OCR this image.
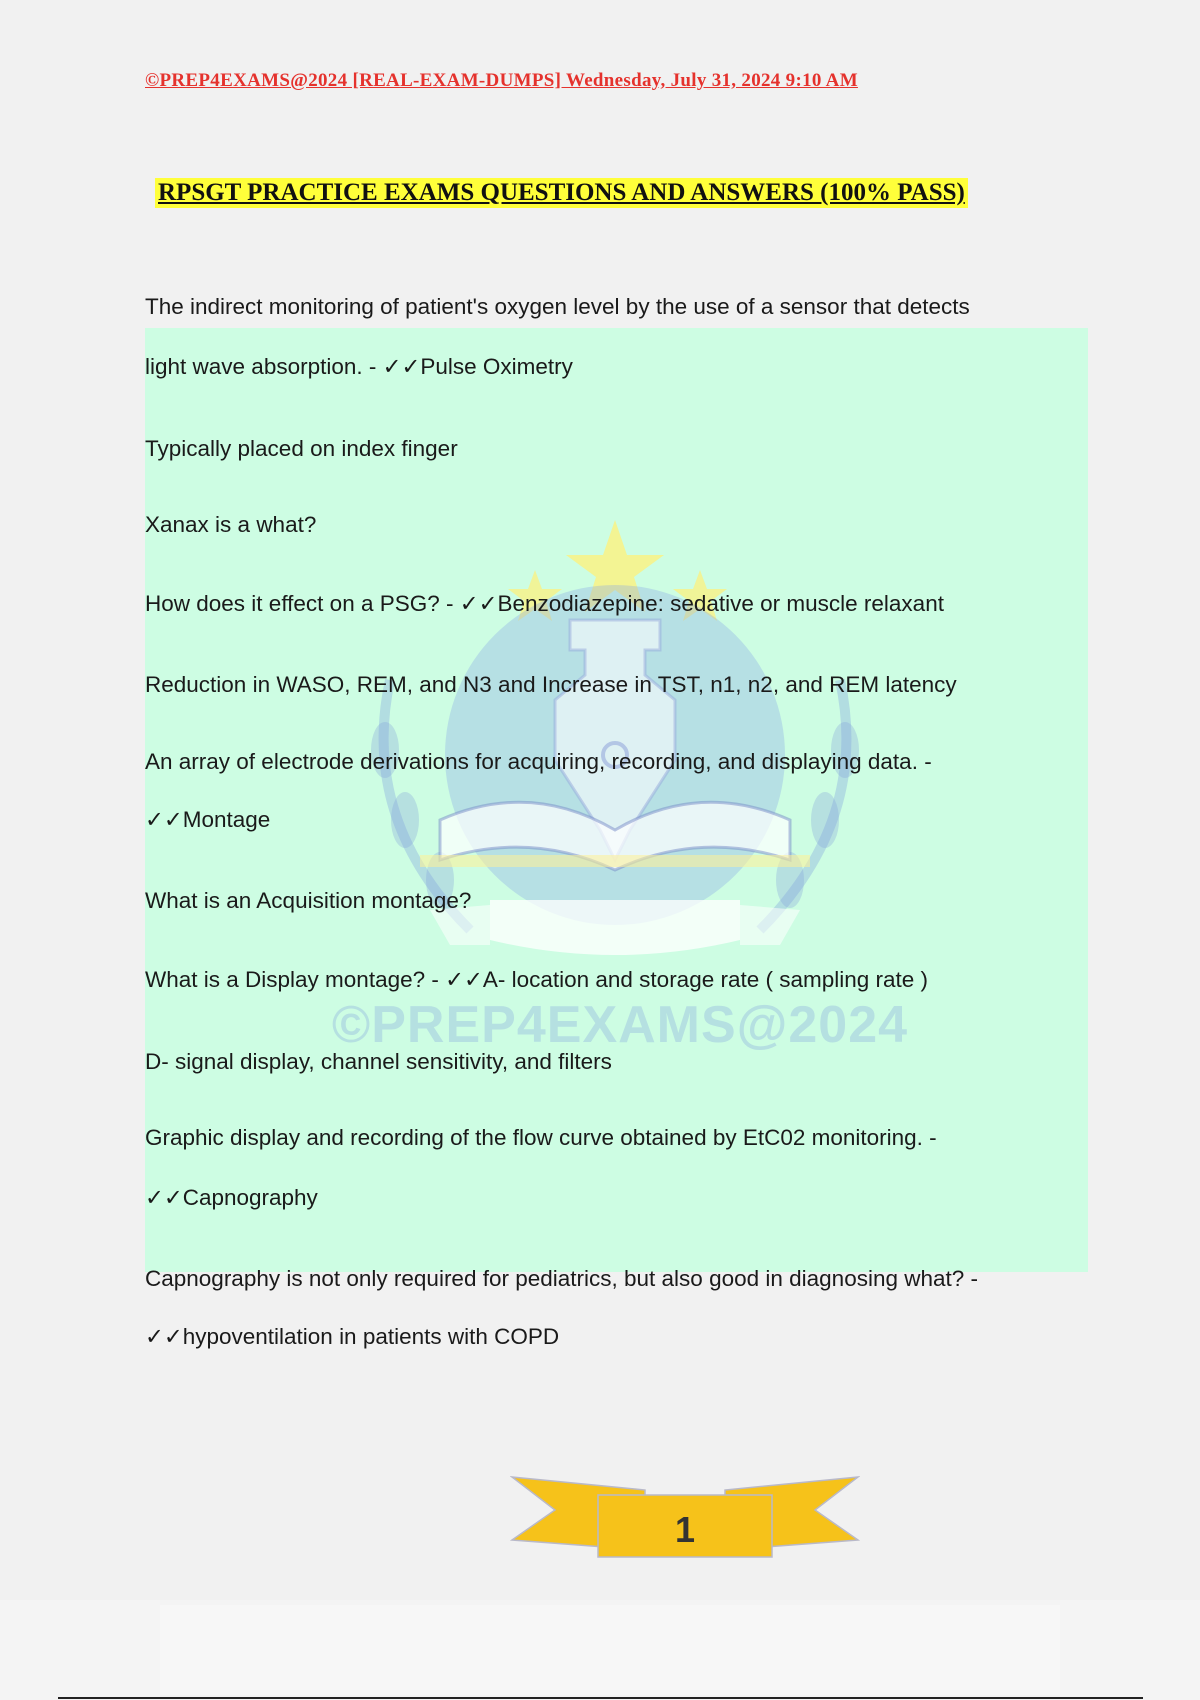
©PREP4EXAMS@2024 [REAL-EXAM-DUMPS] Wednesday, July 31, 2024 9:10 AM
RPSGT PRACTICE EXAMS QUESTIONS AND ANSWERS (100% PASS)
©PREP4EXAMS@2024
The indirect monitoring of patient's oxygen level by the use of a sensor that detects
light wave absorption. - ✓✓Pulse Oximetry
Typically placed on index finger
Xanax is a what?
How does it effect on a PSG? - ✓✓Benzodiazepine: sedative or muscle relaxant
Reduction in WASO, REM, and N3 and Increase in TST, n1, n2, and REM latency
An array of electrode derivations for acquiring, recording, and displaying data. -
✓✓Montage
What is an Acquisition montage?
What is a Display montage? - ✓✓A- location and storage rate ( sampling rate )
D- signal display, channel sensitivity, and filters
Graphic display and recording of the flow curve obtained by EtC02 monitoring. -
✓✓Capnography
Capnography is not only required for pediatrics, but also good in diagnosing what? -
✓✓hypoventilation in patients with COPD
1
